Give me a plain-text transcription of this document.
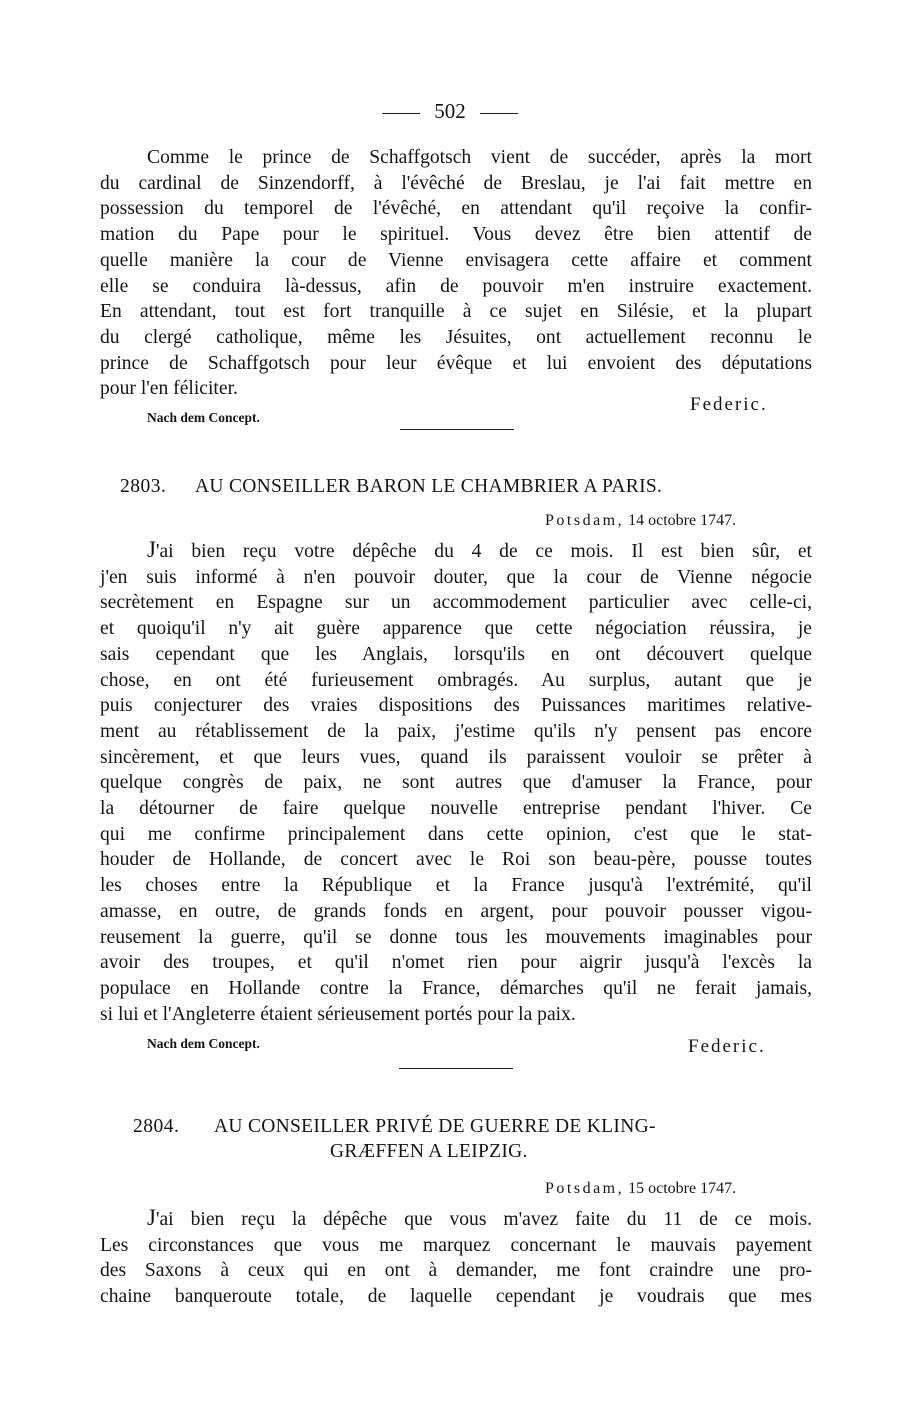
502

Comme le prince de Schaffgotsch vient de succéder, après la mort
du cardinal de Sinzendorff, à l'évêché de Breslau, je l'ai fait mettre en
possession du temporel de l'évêché, en attendant qu'il reçoive la confir-
mation du Pape pour le spirituel. Vous devez être bien attentif de
quelle manière la cour de Vienne envisagera cette affaire et comment
elle se conduira là-dessus, afin de pouvoir m'en instruire exactement.
En attendant, tout est fort tranquille à ce sujet en Silésie, et la plupart
du clergé catholique, même les Jésuites, ont actuellement reconnu le
prince de Schaffgotsch pour leur évêque et lui envoient des députations
pour l'en féliciter.

Federic.
Nach dem Concept.
2803. AU CONSEILLER BARON LE CHAMBRIER A PARIS.
Potsdam, 14 octobre 1747.

J'ai bien reçu votre dépêche du 4 de ce mois. Il est bien sûr, et
j'en suis informé à n'en pouvoir douter, que la cour de Vienne négocie
secrètement en Espagne sur un accommodement particulier avec celle-ci,
et quoiqu'il n'y ait guère apparence que cette négociation réussira, je
sais cependant que les Anglais, lorsqu'ils en ont découvert quelque
chose, en ont été furieusement ombragés. Au surplus, autant que je
puis conjecturer des vraies dispositions des Puissances maritimes relative-
ment au rétablissement de la paix, j'estime qu'ils n'y pensent pas encore
sincèrement, et que leurs vues, quand ils paraissent vouloir se prêter à
quelque congrès de paix, ne sont autres que d'amuser la France, pour
la détourner de faire quelque nouvelle entreprise pendant l'hiver. Ce
qui me confirme principalement dans cette opinion, c'est que le stat-
houder de Hollande, de concert avec le Roi son beau-père, pousse toutes
les choses entre la République et la France jusqu'à l'extrémité, qu'il
amasse, en outre, de grands fonds en argent, pour pouvoir pousser vigou-
reusement la guerre, qu'il se donne tous les mouvements imaginables pour
avoir des troupes, et qu'il n'omet rien pour aigrir jusqu'à l'excès la
populace en Hollande contre la France, démarches qu'il ne ferait jamais,
si lui et l'Angleterre étaient sérieusement portés pour la paix.

Nach dem Concept.	Federic.
2804. AU CONSEILLER PRIVÉ DE GUERRE DE KLING-
GRÆFFEN A LEIPZIG.
Potsdam, 15 octobre 1747.

J'ai bien reçu la dépêche que vous m'avez faite du 11 de ce mois.
Les circonstances que vous me marquez concernant le mauvais payement
des Saxons à ceux qui en ont à demander, me font craindre une pro-
chaine banqueroute totale, de laquelle cependant je voudrais que mes
